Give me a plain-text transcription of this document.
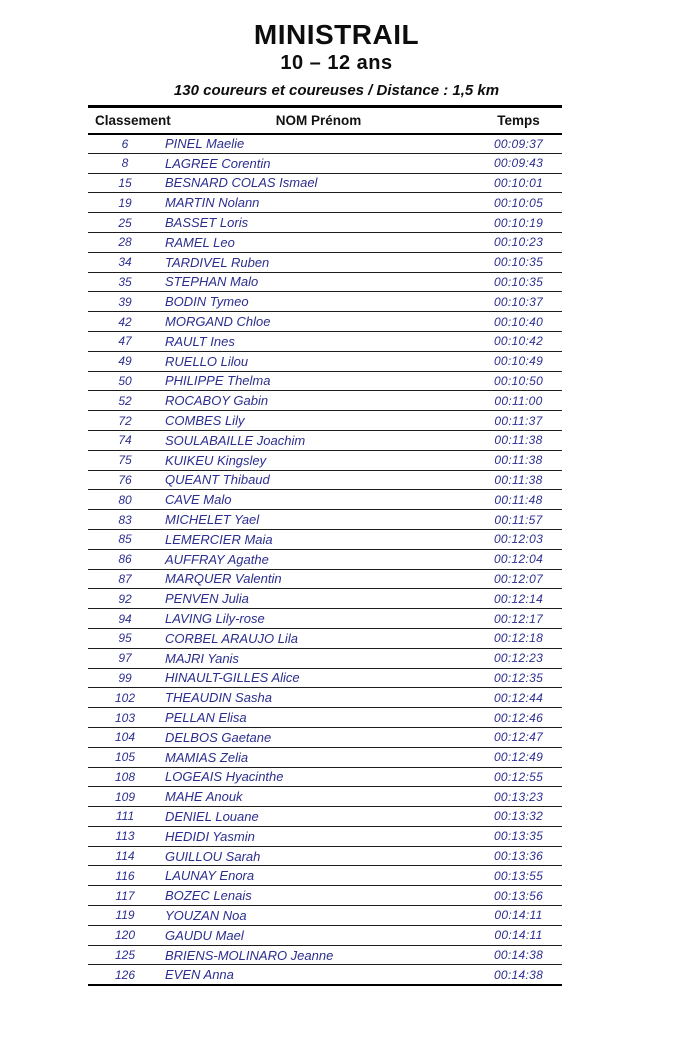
MINISTRAIL
10 – 12 ans
130 coureurs et coureuses / Distance : 1,5 km
Classement	NOM Prénom	Temps
6	PINEL Maelie	00:09:37
8	LAGREE Corentin	00:09:43
15	BESNARD COLAS Ismael	00:10:01
19	MARTIN Nolann	00:10:05
25	BASSET Loris	00:10:19
28	RAMEL Leo	00:10:23
34	TARDIVEL Ruben	00:10:35
35	STEPHAN Malo	00:10:35
39	BODIN Tymeo	00:10:37
42	MORGAND Chloe	00:10:40
47	RAULT Ines	00:10:42
49	RUELLO Lilou	00:10:49
50	PHILIPPE Thelma	00:10:50
52	ROCABOY Gabin	00:11:00
72	COMBES Lily	00:11:37
74	SOULABAILLE Joachim	00:11:38
75	KUIKEU Kingsley	00:11:38
76	QUEANT Thibaud	00:11:38
80	CAVE Malo	00:11:48
83	MICHELET Yael	00:11:57
85	LEMERCIER Maia	00:12:03
86	AUFFRAY Agathe	00:12:04
87	MARQUER Valentin	00:12:07
92	PENVEN Julia	00:12:14
94	LAVING Lily-rose	00:12:17
95	CORBEL ARAUJO Lila	00:12:18
97	MAJRI Yanis	00:12:23
99	HINAULT-GILLES Alice	00:12:35
102	THEAUDIN Sasha	00:12:44
103	PELLAN Elisa	00:12:46
104	DELBOS Gaetane	00:12:47
105	MAMIAS Zelia	00:12:49
108	LOGEAIS Hyacinthe	00:12:55
109	MAHE Anouk	00:13:23
111	DENIEL Louane	00:13:32
113	HEDIDI Yasmin	00:13:35
114	GUILLOU Sarah	00:13:36
116	LAUNAY Enora	00:13:55
117	BOZEC Lenais	00:13:56
119	YOUZAN Noa	00:14:11
120	GAUDU Mael	00:14:11
125	BRIENS-MOLINARO Jeanne	00:14:38
126	EVEN Anna	00:14:38
